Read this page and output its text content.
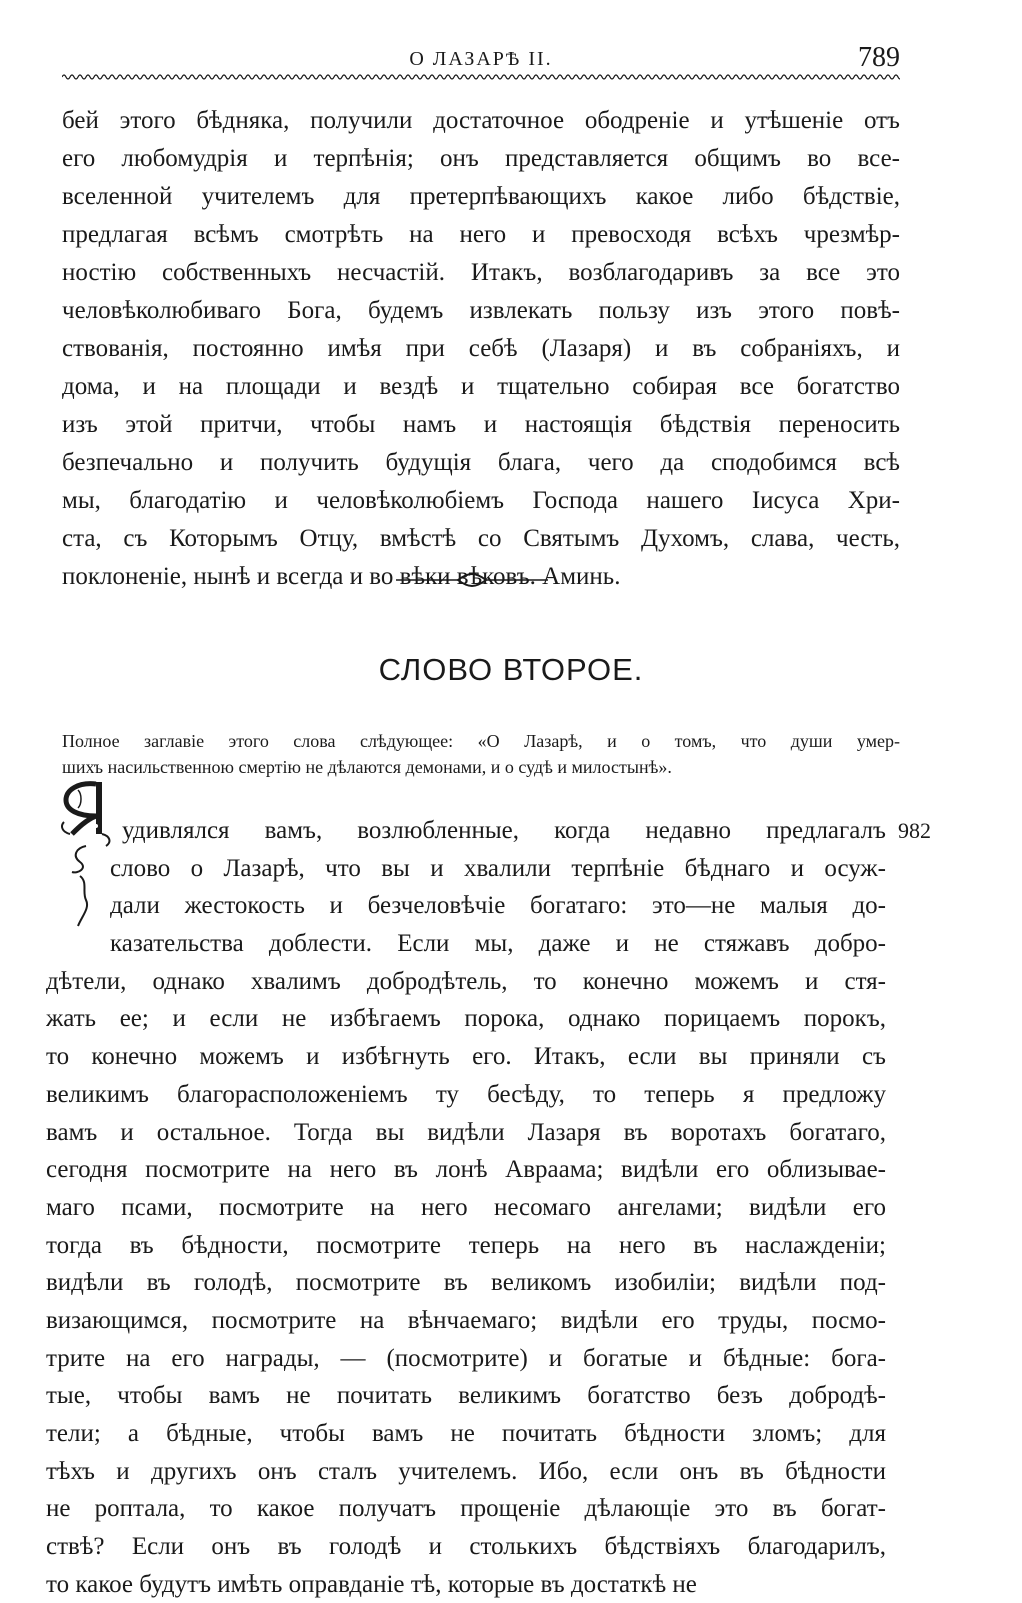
О ЛАЗАРѢ II.	789
бей этого бѣдняка, получили достаточное ободреніе и утѣшеніе отъ
его любомудрія и терпѣнія; онъ представляется общимъ во все-
вселенной учителемъ для претерпѣвающихъ какое либо бѣдствіе,
предлагая всѣмъ смотрѣть на него и превосходя всѣхъ чрезмѣр-
ностію собственныхъ несчастій. Итакъ, возблагодаривъ за все это
человѣколюбиваго Бога, будемъ извлекать пользу изъ этого повѣ-
ствованія, постоянно имѣя при себѣ (Лазаря) и въ собраніяхъ, и
дома, и на площади и вездѣ и тщательно собирая все богатство
изъ этой притчи, чтобы намъ и настоящія бѣдствія переносить
безпечально и получить будущія блага, чего да сподобимся всѣ
мы, благодатію и человѣколюбіемъ Господа нашего Іисуса Хри-
ста, съ Которымъ Отцу, вмѣстѣ со Святымъ Духомъ, слава, честь,
поклоненіе, нынѣ и всегда и во вѣки вѣковъ. Аминь.
СЛОВО ВТОРОЕ.
Полное заглавіе этого слова слѣдующее: «О Лазарѣ, и о томъ, что души умер-
шихъ насильственною смертію не дѣлаются демонами, и о судѣ и милостынѣ».
982
удивлялся вамъ, возлюбленные, когда недавно предлагалъ
слово о Лазарѣ, что вы и хвалили терпѣніе бѣднаго и осуж-
дали жестокость и безчеловѣчіе богатаго: это—не малыя до-
казательства доблести. Если мы, даже и не стяжавъ добро-
дѣтели, однако хвалимъ добродѣтель, то конечно можемъ и стя-
жать ее; и если не избѣгаемъ порока, однако порицаемъ порокъ,
то конечно можемъ и избѣгнуть его. Итакъ, если вы приняли съ
великимъ благорасположеніемъ ту бесѣду, то теперь я предложу
вамъ и остальное. Тогда вы видѣли Лазаря въ воротахъ богатаго,
сегодня посмотрите на него въ лонѣ Авраама; видѣли его облизывае-
маго псами, посмотрите на него несомаго ангелами; видѣли его
тогда въ бѣдности, посмотрите теперь на него въ наслажденіи;
видѣли въ голодѣ, посмотрите въ великомъ изобиліи; видѣли под-
визающимся, посмотрите на вѣнчаемаго; видѣли его труды, посмо-
трите на его награды, — (посмотрите) и богатые и бѣдные: бога-
тые, чтобы вамъ не почитать великимъ богатство безъ добродѣ-
тели; а бѣдные, чтобы вамъ не почитать бѣдности зломъ; для
тѣхъ и другихъ онъ сталъ учителемъ. Ибо, если онъ въ бѣдности
не роптала, то какое получатъ прощеніе дѣлающіе это въ богат-
ствѣ? Если онъ въ голодѣ и столькихъ бѣдствіяхъ благодарилъ,
то какое будутъ имѣть оправданіе тѣ, которые въ достаткѣ не
